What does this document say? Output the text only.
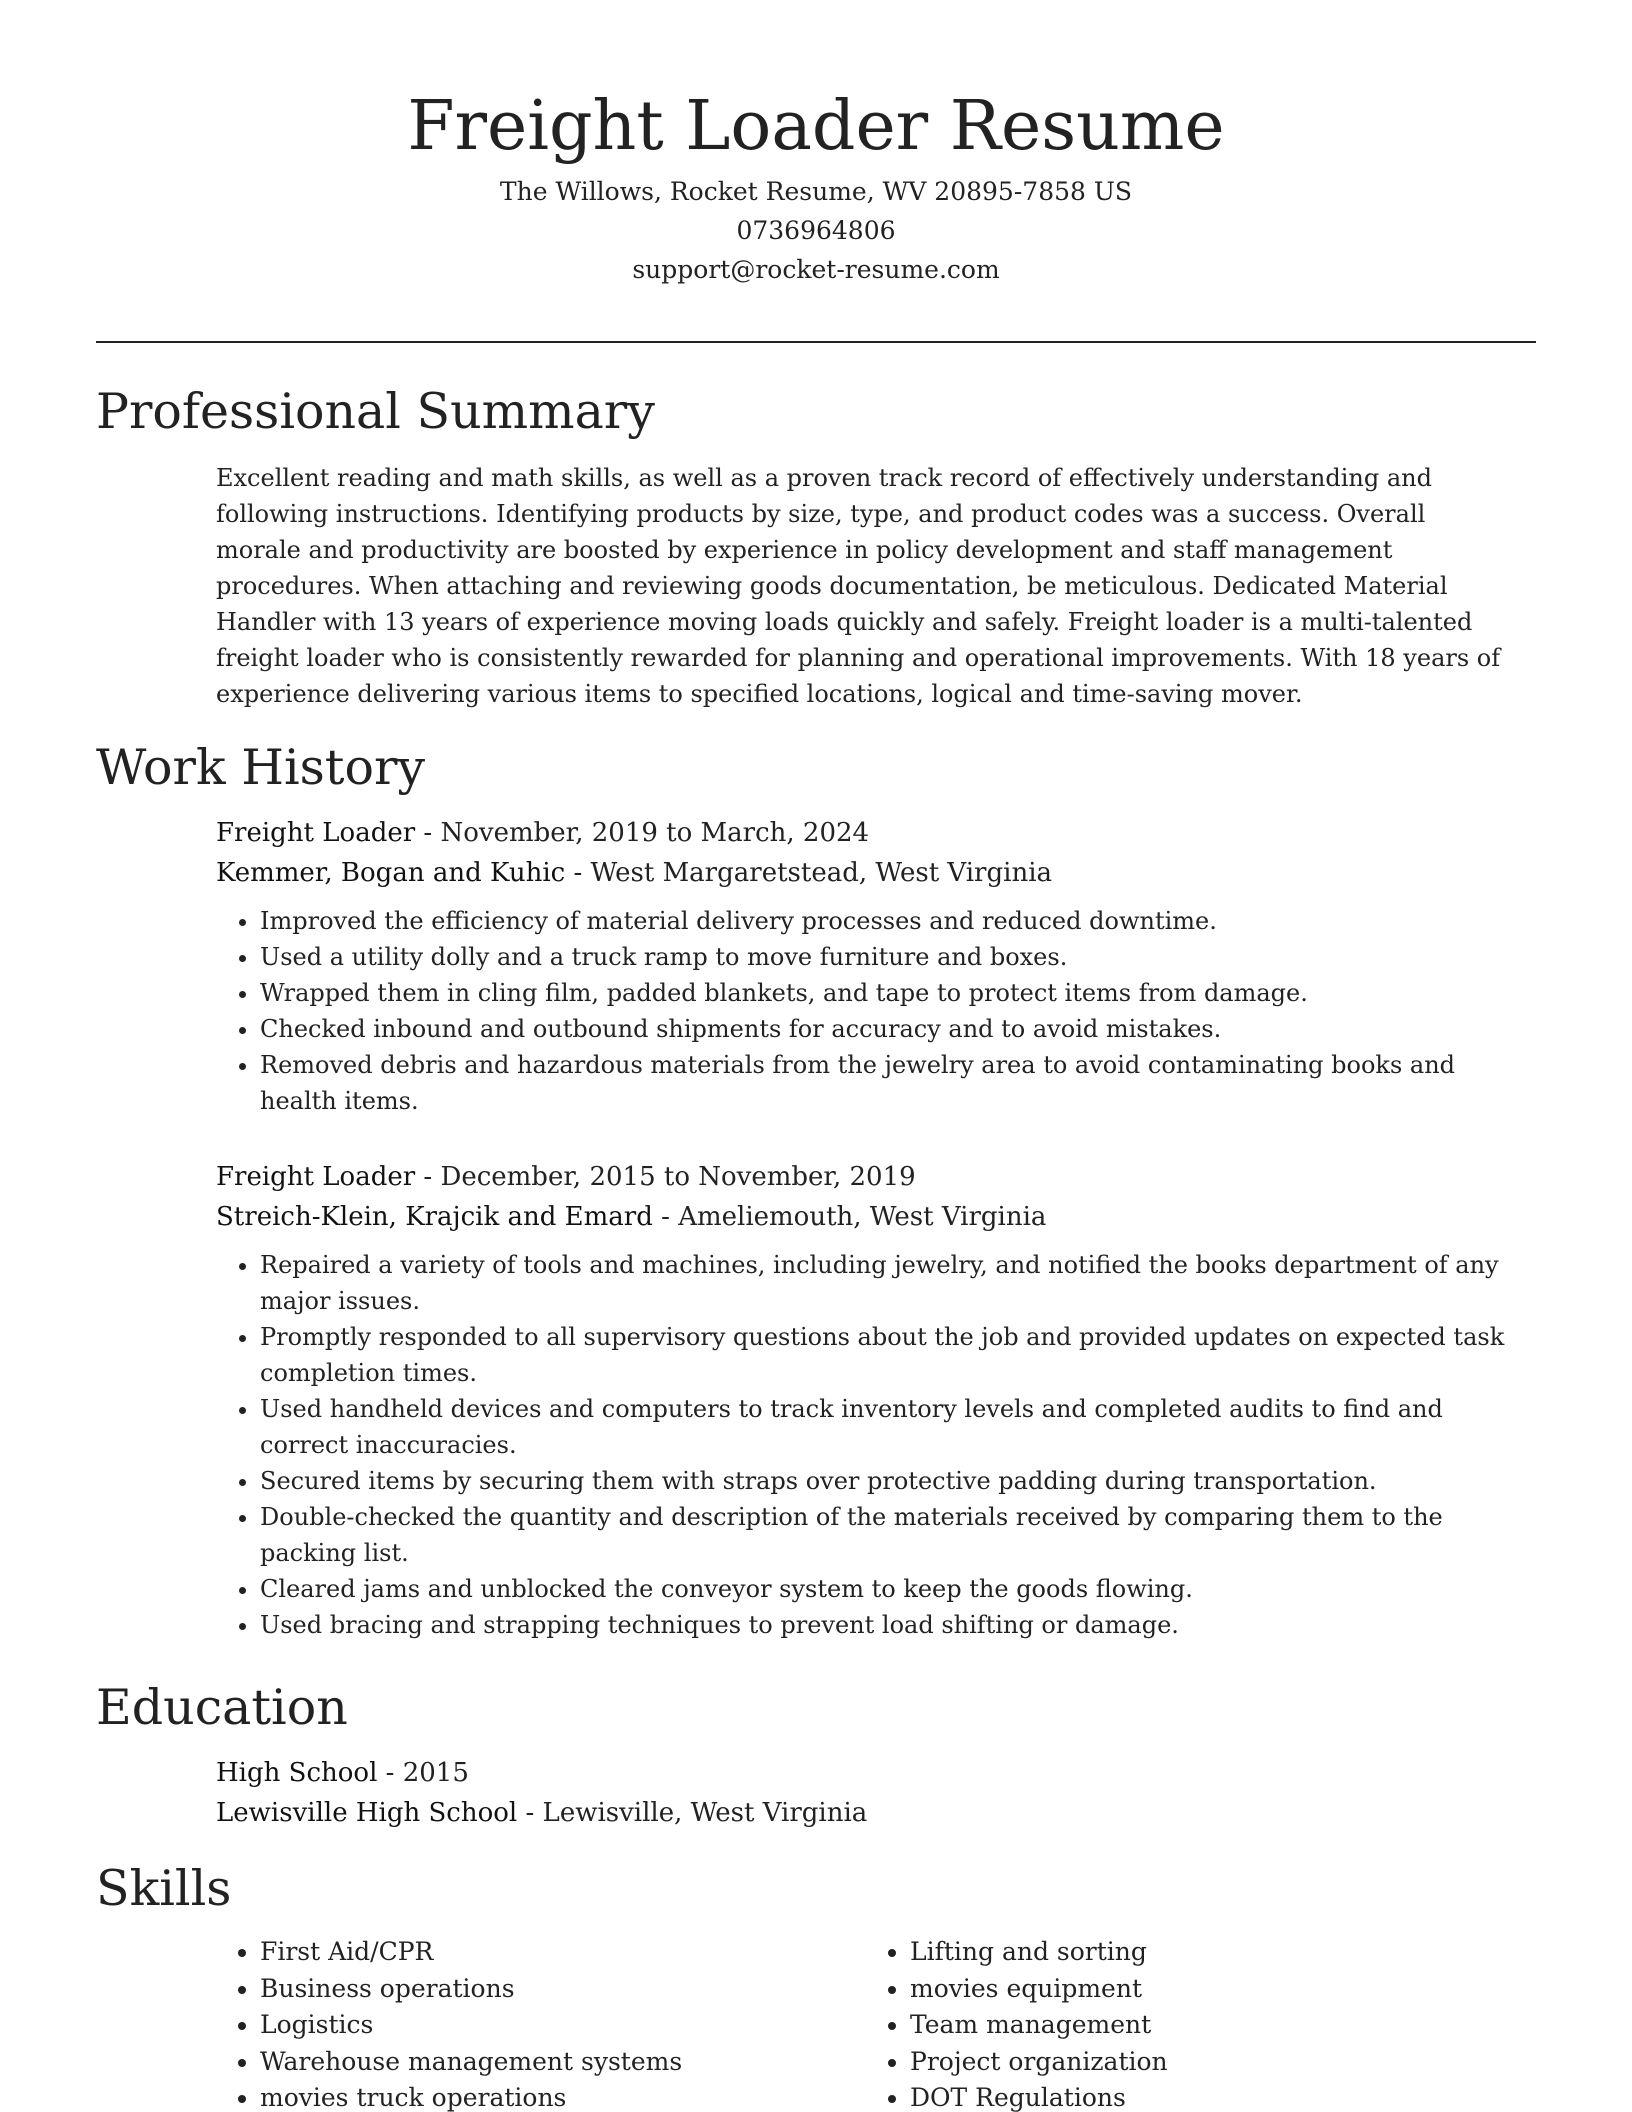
Freight Loader Resume

The Willows, Rocket Resume, WV 20895-7858 US

0736964806

support@rocket-resume.com

Professional Summary

Excellent reading and math skills, as well as a proven track record of effectively understanding and following instructions. Identifying products by size, type, and product codes was a success. Overall morale and productivity are boosted by experience in policy development and staff management procedures. When attaching and reviewing goods documentation, be meticulous. Dedicated Material Handler with 13 years of experience moving loads quickly and safely. Freight loader is a multi-talented freight loader who is consistently rewarded for planning and operational improvements. With 18 years of experience delivering various items to specified locations, logical and time-saving mover.

Work History

Freight Loader - November, 2019 to March, 2024

Kemmer, Bogan and Kuhic - West Margaretstead, West Virginia

• Improved the efficiency of material delivery processes and reduced downtime.
• Used a utility dolly and a truck ramp to move furniture and boxes.
• Wrapped them in cling film, padded blankets, and tape to protect items from damage.
• Checked inbound and outbound shipments for accuracy and to avoid mistakes.
• Removed debris and hazardous materials from the jewelry area to avoid contaminating books and health items.

Freight Loader - December, 2015 to November, 2019

Streich-Klein, Krajcik and Emard - Ameliemouth, West Virginia

• Repaired a variety of tools and machines, including jewelry, and notified the books department of any major issues.
• Promptly responded to all supervisory questions about the job and provided updates on expected task completion times.
• Used handheld devices and computers to track inventory levels and completed audits to find and correct inaccuracies.
• Secured items by securing them with straps over protective padding during transportation.
• Double-checked the quantity and description of the materials received by comparing them to the packing list.
• Cleared jams and unblocked the conveyor system to keep the goods flowing.
• Used bracing and strapping techniques to prevent load shifting or damage.
Education

High School - 2015

Lewisville High School - Lewisville, West Virginia

Skills
• First Aid/CPR
• Business operations
• Logistics
• Warehouse management systems
• movies truck operations
• Lifting and sorting
• movies equipment
• Team management
• Project organization
• DOT Regulations
